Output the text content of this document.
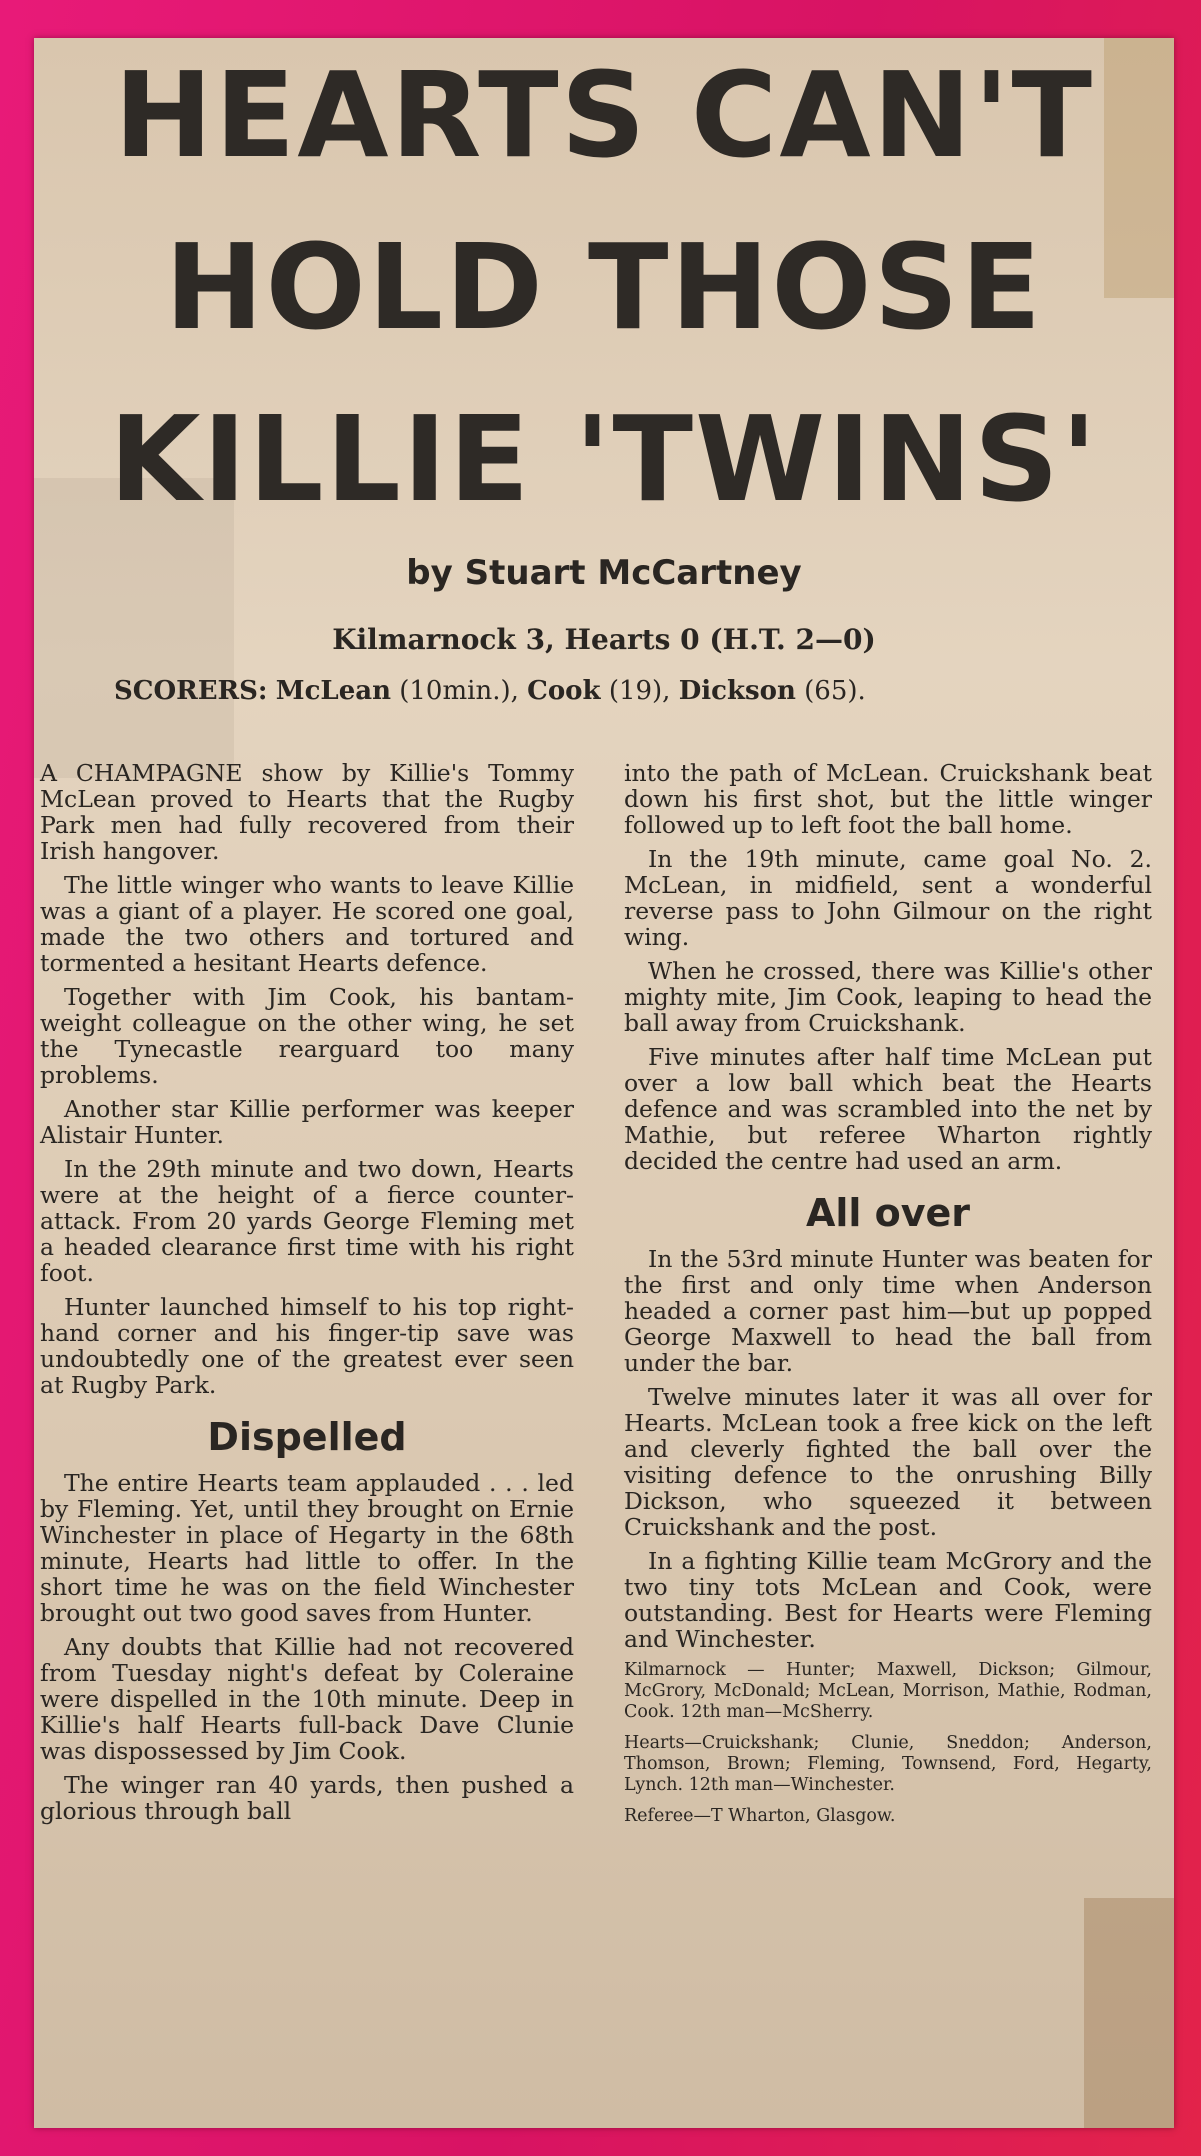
HEARTS CAN'T
HOLD THOSE
KILLIE 'TWINS'
by Stuart McCartney
Kilmarnock 3, Hearts 0 (H.T. 2—0)
SCORERS: McLean (10min.), Cook (19), Dickson (65).

A CHAMPAGNE show by Killie's Tommy McLean proved to Hearts that the Rugby Park men had fully recovered from their Irish hangover.

The little winger who wants to leave Killie was a giant of a player. He scored one goal, made the two others and tortured and tormented a hesitant Hearts defence.

Together with Jim Cook, his bantam-weight colleague on the other wing, he set the Tynecastle rearguard too many problems.

Another star Killie performer was keeper Alistair Hunter.

In the 29th minute and two down, Hearts were at the height of a fierce counter-attack. From 20 yards George Fleming met a headed clearance first time with his right foot.

Hunter launched himself to his top right-hand corner and his finger-tip save was undoubtedly one of the greatest ever seen at Rugby Park.

Dispelled

The entire Hearts team applauded . . . led by Fleming. Yet, until they brought on Ernie Winchester in place of Hegarty in the 68th minute, Hearts had little to offer. In the short time he was on the field Winchester brought out two good saves from Hunter.

Any doubts that Killie had not recovered from Tuesday night's defeat by Coleraine were dispelled in the 10th minute. Deep in Killie's half Hearts full-back Dave Clunie was dispossessed by Jim Cook.

The winger ran 40 yards, then pushed a glorious through ball

into the path of McLean. Cruickshank beat down his first shot, but the little winger followed up to left foot the ball home.

In the 19th minute, came goal No. 2. McLean, in midfield, sent a wonderful reverse pass to John Gilmour on the right wing.

When he crossed, there was Killie's other mighty mite, Jim Cook, leaping to head the ball away from Cruickshank.

Five minutes after half time McLean put over a low ball which beat the Hearts defence and was scrambled into the net by Mathie, but referee Wharton rightly decided the centre had used an arm.

All over

In the 53rd minute Hunter was beaten for the first and only time when Anderson headed a corner past him—but up popped George Maxwell to head the ball from under the bar.

Twelve minutes later it was all over for Hearts. McLean took a free kick on the left and cleverly fighted the ball over the visiting defence to the onrushing Billy Dickson, who squeezed it between Cruickshank and the post.

In a fighting Killie team McGrory and the two tiny tots McLean and Cook, were outstanding. Best for Hearts were Fleming and Winchester.

Kilmarnock — Hunter; Maxwell, Dickson; Gilmour, McGrory, McDonald; McLean, Morrison, Mathie, Rodman, Cook. 12th man—McSherry.

Hearts—Cruickshank; Clunie, Sneddon; Anderson, Thomson, Brown; Fleming, Townsend, Ford, Hegarty, Lynch. 12th man—Winchester.

Referee—T Wharton, Glasgow.
